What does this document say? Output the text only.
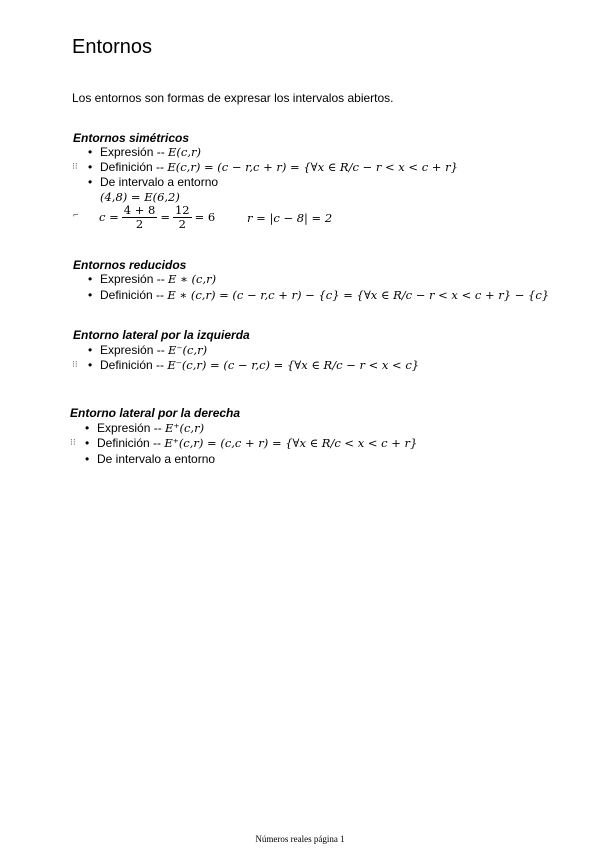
Entornos
Los entornos son formas de expresar los intervalos abiertos.
Entornos simétricos
• Expresión -- E(c,r)
⁝⁝ • Definición -- E(c,r) = (c − r,c + r) = {∀x ∈ R/c − r < x < c + r}
• De intervalo a entorno
(4,8) = E(6,2)
⌐ $c = \frac{4 + 8}{2} = \frac{12}{2} = 6$	r = |c − 8| = 2
Entornos reducidos
• Expresión -- E ∗ (c,r)
• Definición -- E ∗ (c,r) = (c − r,c + r) − {c} = {∀x ∈ R/c − r < x < c + r} − {c}
Entorno lateral por la izquierda
• Expresión -- E⁻(c,r)
⁝⁝ • Definición -- E⁻(c,r) = (c − r,c) = {∀x ∈ R/c − r < x < c}
Entorno lateral por la derecha
• Expresión -- E⁺(c,r)
⁝⁝ • Definición -- E⁺(c,r) = (c,c + r) = {∀x ∈ R/c < x < c + r}
• De intervalo a entorno
Números reales página 1
